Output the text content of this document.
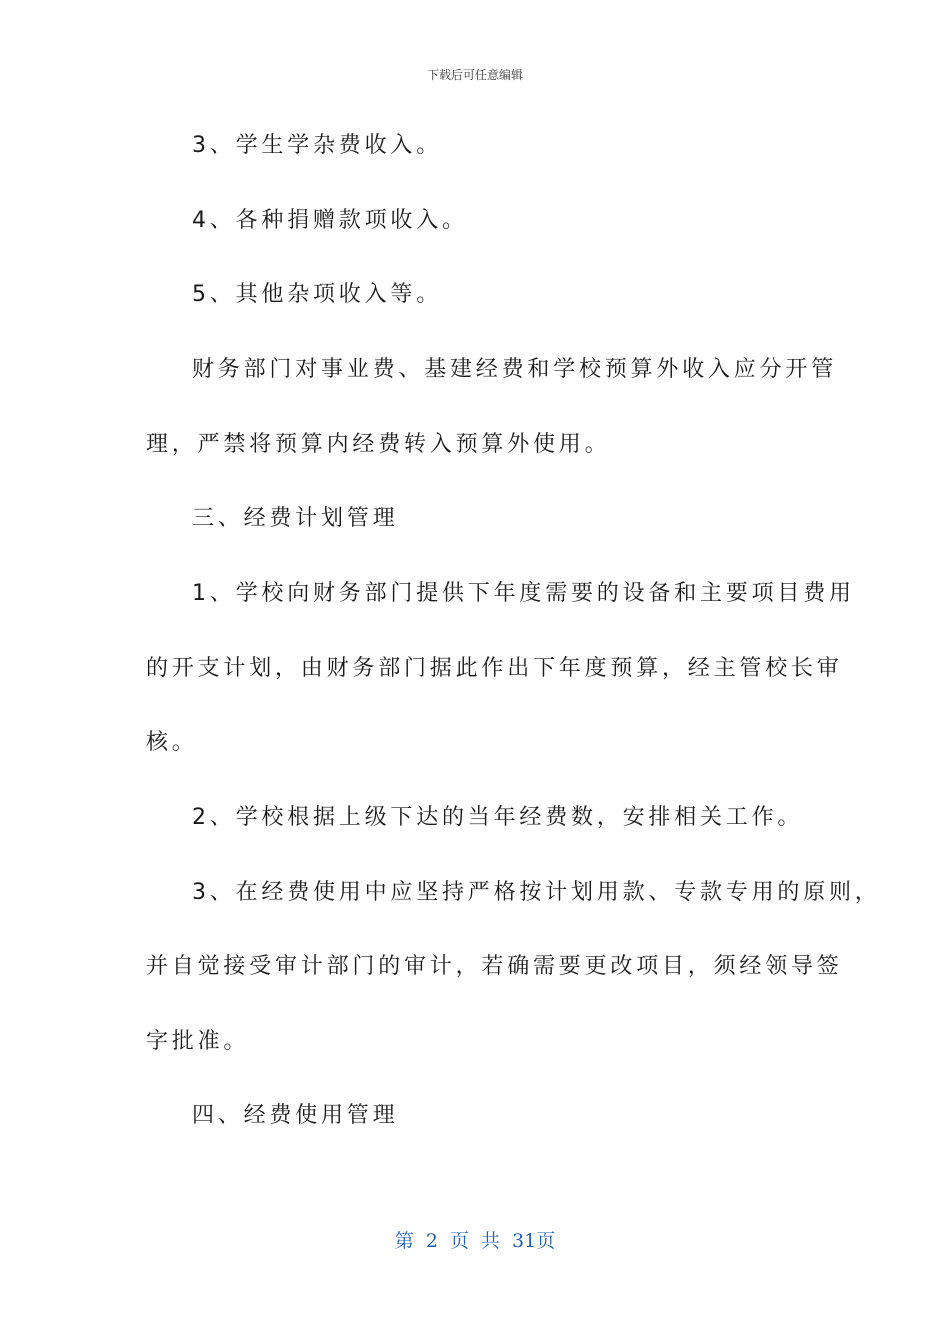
下载后可任意编辑
3、学生学杂费收入。
4、各种捐赠款项收入。
5、其他杂项收入等。
财务部门对事业费、基建经费和学校预算外收入应分开管
理，严禁将预算内经费转入预算外使用。
三、经费计划管理
1、学校向财务部门提供下年度需要的设备和主要项目费用
的开支计划，由财务部门据此作出下年度预算，经主管校长审
核。
2、学校根据上级下达的当年经费数，安排相关工作。
3、在经费使用中应坚持严格按计划用款、专款专用的原则，
并自觉接受审计部门的审计，若确需要更改项目，须经领导签
字批准。
四、经费使用管理
第 2 页 共 31页
